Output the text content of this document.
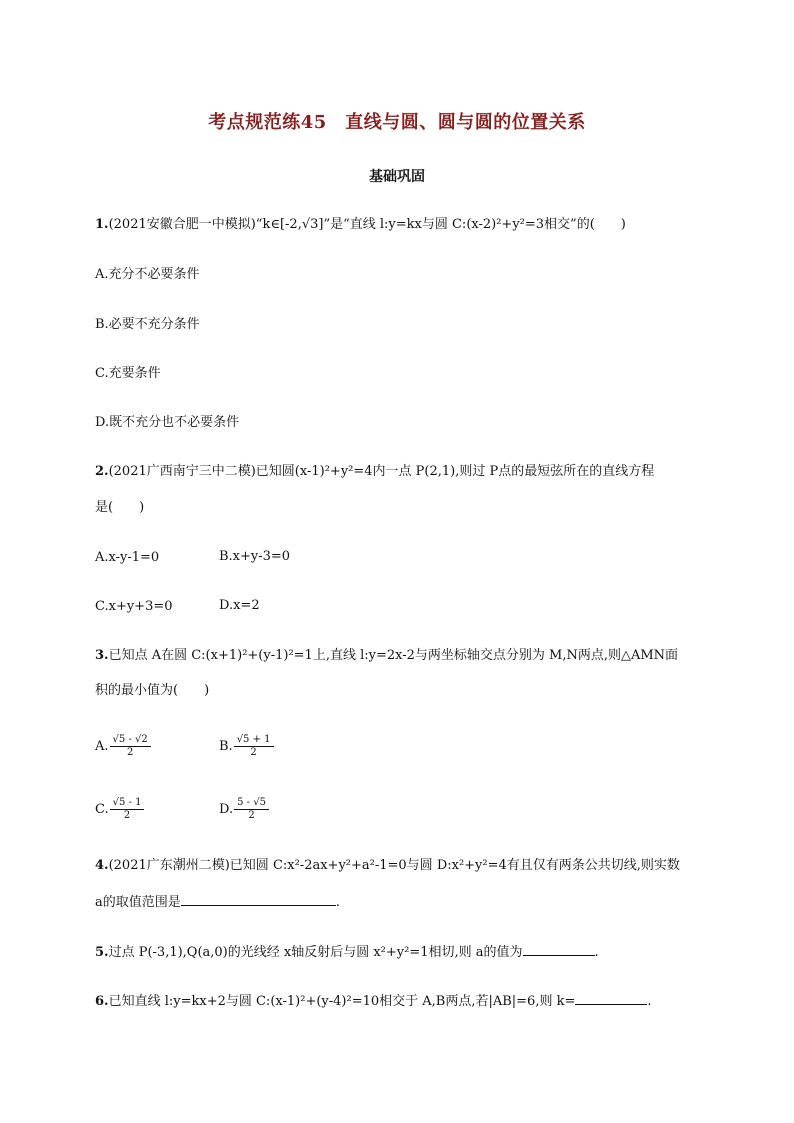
考点规范练45　直线与圆、圆与圆的位置关系
基础巩固
1.(2021安徽合肥一中模拟)“k∈[-2,√3]”是“直线 l:y=kx与圆 C:(x-2)²+y²=3相交”的(　　)
A.充分不必要条件
B.必要不充分条件
C.充要条件
D.既不充分也不必要条件
2.(2021广西南宁三中二模)已知圆(x-1)²+y²=4内一点 P(2,1),则过 P点的最短弦所在的直线方程
是(　　)
A.x-y-1=0	B.x+y-3=0
C.x+y+3=0	D.x=2
3.已知点 A在圆 C:(x+1)²+(y-1)²=1上,直线 l:y=2x-2与两坐标轴交点分别为 M,N两点,则△AMN面
积的最小值为(　　)
A. $\frac{√5 - √2}{2}$	B. $\frac{√5 + 1}{2}$
C. $\frac{√5 - 1}{2}$	D. $\frac{5 - √5}{2}$
4.(2021广东潮州二模)已知圆 C:x²-2ax+y²+a²-1=0与圆 D:x²+y²=4有且仅有两条公共切线,则实数
a的取值范围是	.
5.过点 P(-3,1),Q(a,0)的光线经 x轴反射后与圆 x²+y²=1相切,则 a的值为	.
6.已知直线 l:y=kx+2与圆 C:(x-1)²+(y-4)²=10相交于 A,B两点,若|AB|=6,则 k=	.
